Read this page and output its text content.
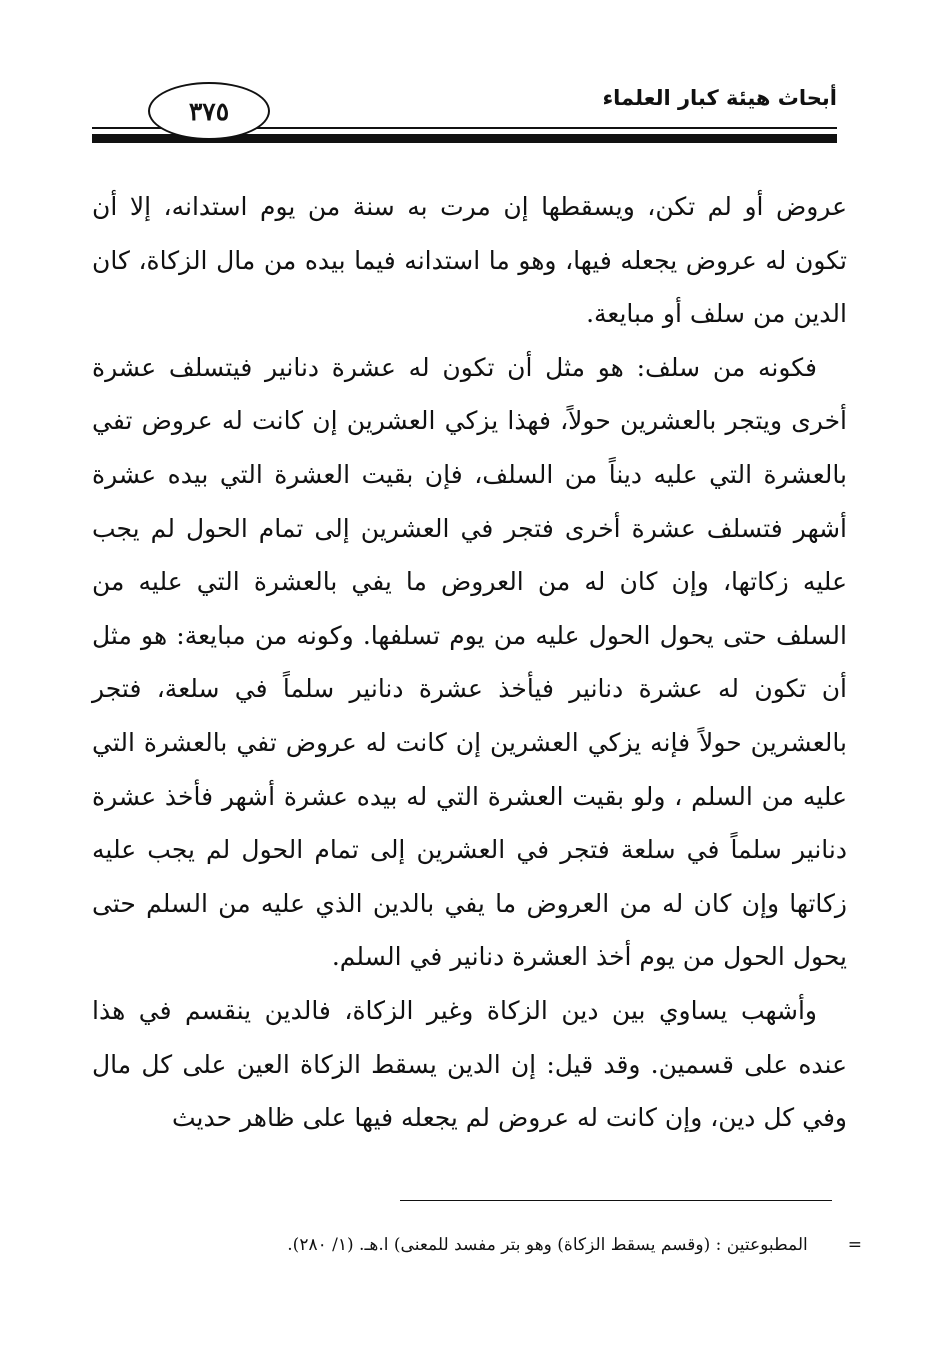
أبحاث هيئة كبار العلماء
٣٧٥

عروض أو لم تكن، ويسقطها إن مرت به سنة من يوم استدانه، إلا أن تكون له عروض يجعله فيها، وهو ما استدانه فيما بيده من مال الزكاة، كان الدين من سلف أو مبايعة.

فكونه من سلف: هو مثل أن تكون له عشرة دنانير فيتسلف عشرة أخرى ويتجر بالعشرين حولاً، فهذا يزكي العشرين إن كانت له عروض تفي بالعشرة التي عليه ديناً من السلف، فإن بقيت العشرة التي بيده عشرة أشهر فتسلف عشرة أخرى فتجر في العشرين إلى تمام الحول لم يجب عليه زكاتها، وإن كان له من العروض ما يفي بالعشرة التي عليه من السلف حتى يحول الحول عليه من يوم تسلفها. وكونه من مبايعة: هو مثل أن تكون له عشرة دنانير فيأخذ عشرة دنانير سلماً في سلعة، فتجر بالعشرين حولاً فإنه يزكي العشرين إن كانت له عروض تفي بالعشرة التي عليه من السلم ، ولو بقيت العشرة التي له بيده عشرة أشهر فأخذ عشرة دنانير سلماً في سلعة فتجر في العشرين إلى تمام الحول لم يجب عليه زكاتها وإن كان له من العروض ما يفي بالدين الذي عليه من السلم حتى يحول الحول من يوم أخذ العشرة دنانير في السلم.

وأشهب يساوي بين دين الزكاة وغير الزكاة، فالدين ينقسم في هذا عنده على قسمين. وقد قيل: إن الدين يسقط الزكاة العين على كل مال وفي كل دين، وإن كانت له عروض لم يجعله فيها على ظاهر حديث

=المطبوعتين : (وقسم يسقط الزكاة) وهو بتر مفسد للمعنى) ا.هـ. (١/ ٢٨٠).
